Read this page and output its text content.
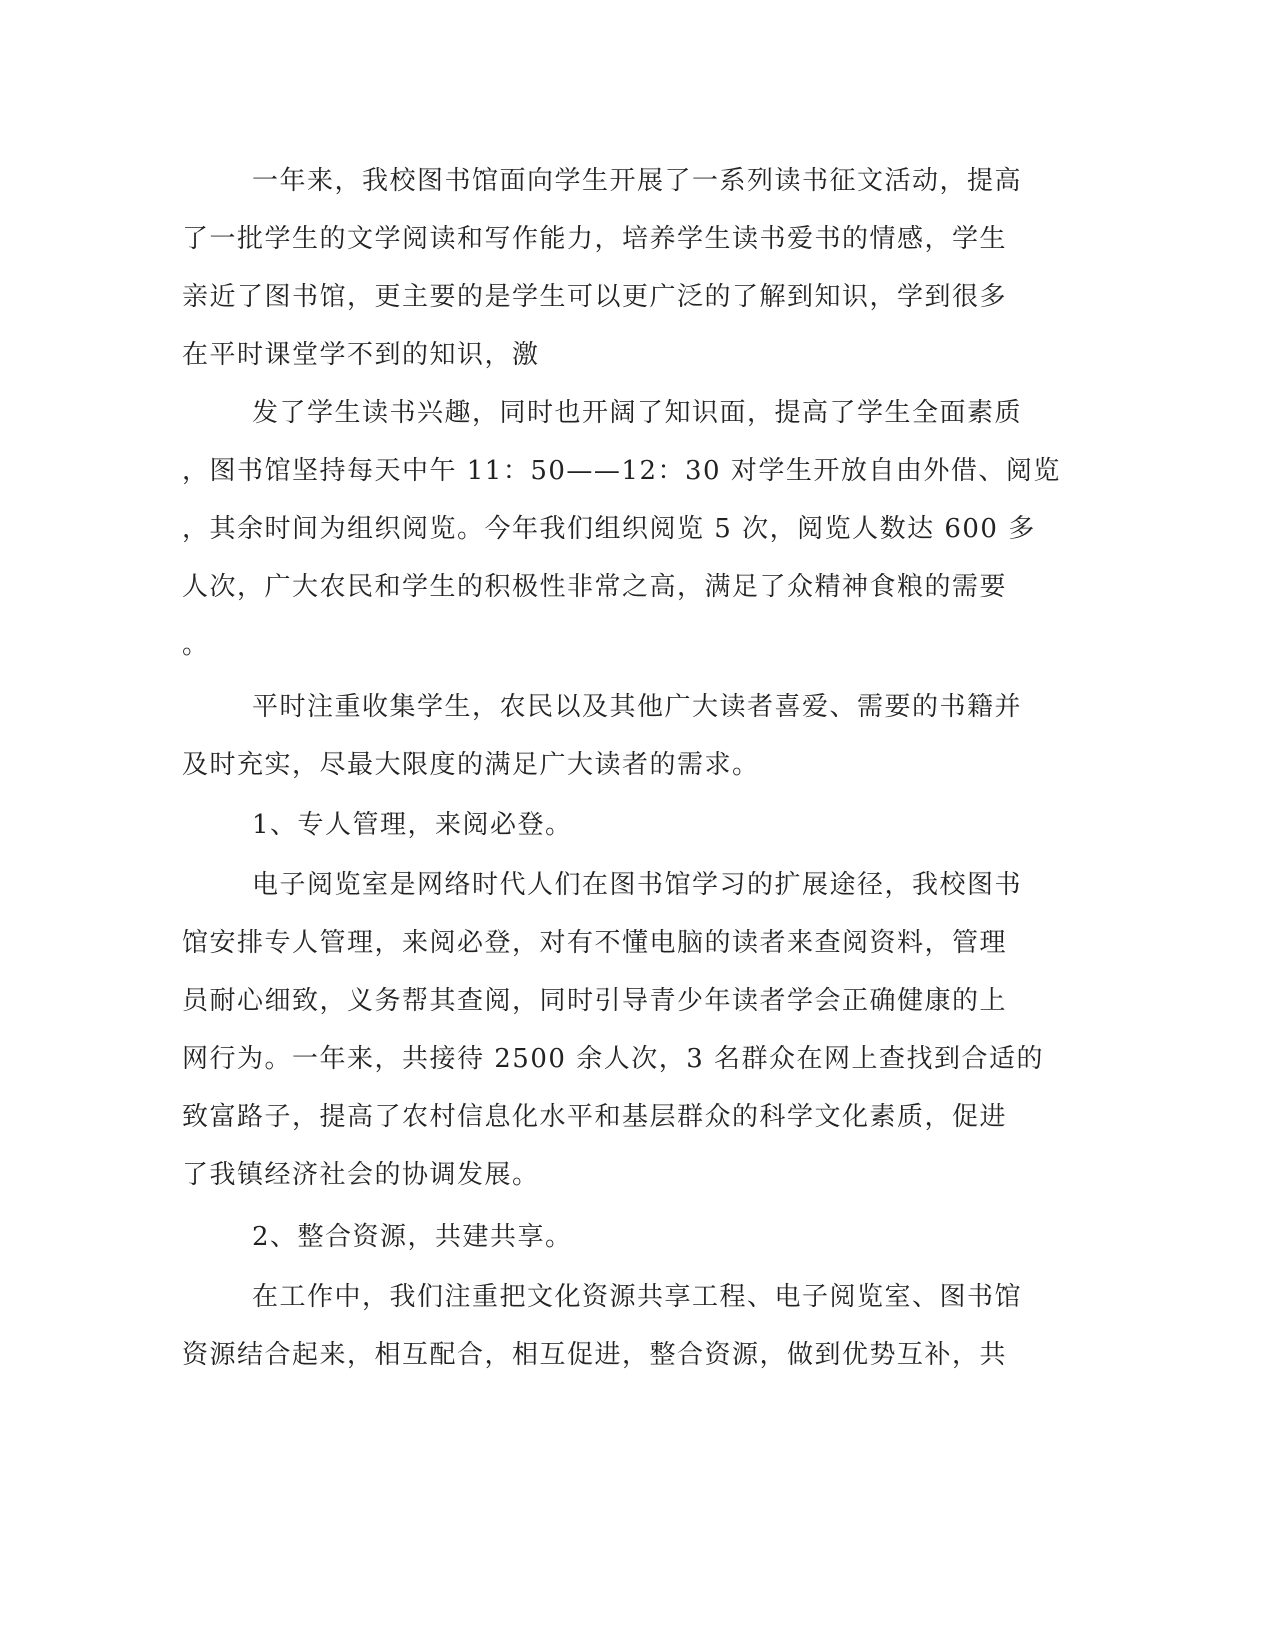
一年来，我校图书馆面向学生开展了一系列读书征文活动，提高
了一批学生的文学阅读和写作能力，培养学生读书爱书的情感，学生
亲近了图书馆，更主要的是学生可以更广泛的了解到知识，学到很多
在平时课堂学不到的知识，激
发了学生读书兴趣，同时也开阔了知识面，提高了学生全面素质
，图书馆坚持每天中午 11：50——12：30 对学生开放自由外借、阅览
，其余时间为组织阅览。今年我们组织阅览 5 次，阅览人数达 600 多
人次，广大农民和学生的积极性非常之高，满足了众精神食粮的需要
。
平时注重收集学生，农民以及其他广大读者喜爱、需要的书籍并
及时充实，尽最大限度的满足广大读者的需求。
1、专人管理，来阅必登。
电子阅览室是网络时代人们在图书馆学习的扩展途径，我校图书
馆安排专人管理，来阅必登，对有不懂电脑的读者来查阅资料，管理
员耐心细致，义务帮其查阅，同时引导青少年读者学会正确健康的上
网行为。一年来，共接待 2500 余人次，3 名群众在网上查找到合适的
致富路子，提高了农村信息化水平和基层群众的科学文化素质，促进
了我镇经济社会的协调发展。
2、整合资源，共建共享。
在工作中，我们注重把文化资源共享工程、电子阅览室、图书馆
资源结合起来，相互配合，相互促进，整合资源，做到优势互补，共
